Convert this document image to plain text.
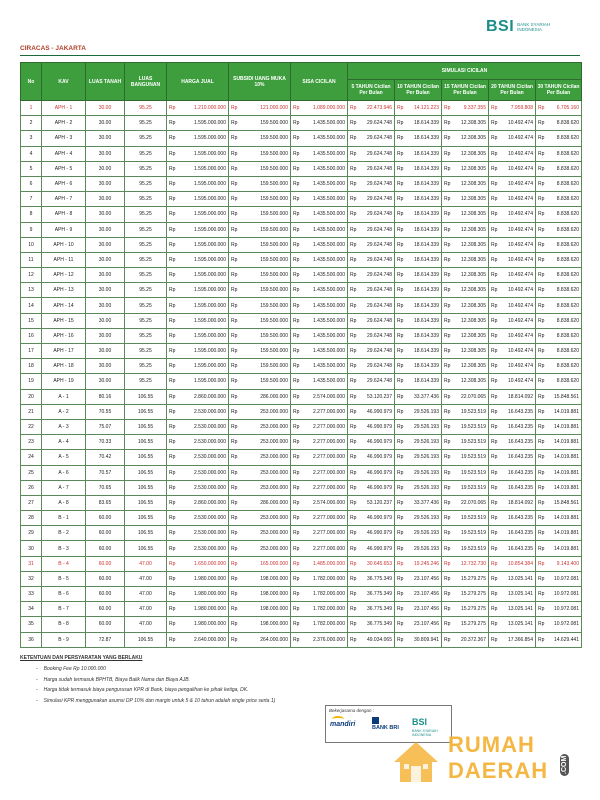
BSI BANK SYARIAH INDONESIA
CIRACAS - JAKARTA
No	KAV	LUAS TANAH	LUAS BANGUNAN	HARGA JUAL	SUBSIDI UANG MUKA 10%	SISA CICILAN	SIMULASI CICILAN				
							5 TAHUN Cicilan Per Bulan	10 TAHUN Cicilan Per Bulan	15 TAHUN Cicilan Per Bulan	20 TAHUN Cicilan Per Bulan	30 TAHUN Cicilan Per Bulan
1	APH - 1	30.00	95.25	Rp 1.210.000.000	Rp 121.000.000	Rp 1.089.000.000	Rp 22.473.946	Rp 14.121.223	Rp 9.337.355	Rp 7.959.808	Rp 6.705.160

2	APH - 2	30.00	95.25	Rp 1.595.000.000	Rp 159.500.000	Rp 1.435.500.000	Rp 29.624.748	Rp 18.614.339	Rp 12.308.305	Rp 10.492.474	Rp 8.838.620

3	APH - 3	30.00	95.25	Rp 1.595.000.000	Rp 159.500.000	Rp 1.435.500.000	Rp 29.624.748	Rp 18.614.339	Rp 12.308.305	Rp 10.492.474	Rp 8.838.620

4	APH - 4	30.00	95.25	Rp 1.595.000.000	Rp 159.500.000	Rp 1.435.500.000	Rp 29.624.748	Rp 18.614.339	Rp 12.308.305	Rp 10.492.474	Rp 8.838.620

5	APH - 5	30.00	95.25	Rp 1.595.000.000	Rp 159.500.000	Rp 1.435.500.000	Rp 29.624.748	Rp 18.614.339	Rp 12.308.305	Rp 10.492.474	Rp 8.838.620

6	APH - 6	30.00	95.25	Rp 1.595.000.000	Rp 159.500.000	Rp 1.435.500.000	Rp 29.624.748	Rp 18.614.339	Rp 12.308.305	Rp 10.492.474	Rp 8.838.620

7	APH - 7	30.00	95.25	Rp 1.595.000.000	Rp 159.500.000	Rp 1.435.500.000	Rp 29.624.748	Rp 18.614.339	Rp 12.308.305	Rp 10.492.474	Rp 8.838.620

8	APH - 8	30.00	95.25	Rp 1.595.000.000	Rp 159.500.000	Rp 1.435.500.000	Rp 29.624.748	Rp 18.614.339	Rp 12.308.305	Rp 10.492.474	Rp 8.838.620

9	APH - 9	30.00	95.25	Rp 1.595.000.000	Rp 159.500.000	Rp 1.435.500.000	Rp 29.624.748	Rp 18.614.339	Rp 12.308.305	Rp 10.492.474	Rp 8.838.620

10	APH - 10	30.00	95.25	Rp 1.595.000.000	Rp 159.500.000	Rp 1.435.500.000	Rp 29.624.748	Rp 18.614.339	Rp 12.308.305	Rp 10.492.474	Rp 8.838.620

11	APH - 11	30.00	95.25	Rp 1.595.000.000	Rp 159.500.000	Rp 1.435.500.000	Rp 29.624.748	Rp 18.614.339	Rp 12.308.305	Rp 10.492.474	Rp 8.838.620

12	APH - 12	30.00	95.25	Rp 1.595.000.000	Rp 159.500.000	Rp 1.435.500.000	Rp 29.624.748	Rp 18.614.339	Rp 12.308.305	Rp 10.492.474	Rp 8.838.620

13	APH - 13	30.00	95.25	Rp 1.595.000.000	Rp 159.500.000	Rp 1.435.500.000	Rp 29.624.748	Rp 18.614.339	Rp 12.308.305	Rp 10.492.474	Rp 8.838.620

14	APH - 14	30.00	95.25	Rp 1.595.000.000	Rp 159.500.000	Rp 1.435.500.000	Rp 29.624.748	Rp 18.614.339	Rp 12.308.305	Rp 10.492.474	Rp 8.838.620

15	APH - 15	30.00	95.25	Rp 1.595.000.000	Rp 159.500.000	Rp 1.435.500.000	Rp 29.624.748	Rp 18.614.339	Rp 12.308.305	Rp 10.492.474	Rp 8.838.620

16	APH - 16	30.00	95.25	Rp 1.595.000.000	Rp 159.500.000	Rp 1.435.500.000	Rp 29.624.748	Rp 18.614.339	Rp 12.308.305	Rp 10.492.474	Rp 8.838.620

17	APH - 17	30.00	95.25	Rp 1.595.000.000	Rp 159.500.000	Rp 1.435.500.000	Rp 29.624.748	Rp 18.614.339	Rp 12.308.305	Rp 10.492.474	Rp 8.838.620

18	APH - 18	30.00	95.25	Rp 1.595.000.000	Rp 159.500.000	Rp 1.435.500.000	Rp 29.624.748	Rp 18.614.339	Rp 12.308.305	Rp 10.492.474	Rp 8.838.620

19	APH - 19	30.00	95.25	Rp 1.595.000.000	Rp 159.500.000	Rp 1.435.500.000	Rp 29.624.748	Rp 18.614.339	Rp 12.308.305	Rp 10.492.474	Rp 8.838.620

20	A - 1	80.16	106.55	Rp 2.860.000.000	Rp 286.000.000	Rp 2.574.000.000	Rp 53.120.237	Rp 33.377.436	Rp 22.070.065	Rp 18.814.092	Rp 15.848.561

21	A - 2	70.55	106.55	Rp 2.530.000.000	Rp 253.000.000	Rp 2.277.000.000	Rp 46.990.979	Rp 29.526.193	Rp 19.523.519	Rp 16.643.235	Rp 14.019.881

22	A - 3	75.07	106.55	Rp 2.530.000.000	Rp 253.000.000	Rp 2.277.000.000	Rp 46.990.979	Rp 29.526.193	Rp 19.523.519	Rp 16.643.235	Rp 14.019.881

23	A - 4	70.33	106.55	Rp 2.530.000.000	Rp 253.000.000	Rp 2.277.000.000	Rp 46.990.979	Rp 29.526.193	Rp 19.523.519	Rp 16.643.235	Rp 14.019.881

24	A - 5	70.42	106.55	Rp 2.530.000.000	Rp 253.000.000	Rp 2.277.000.000	Rp 46.990.979	Rp 29.526.193	Rp 19.523.519	Rp 16.643.235	Rp 14.019.881

25	A - 6	70.57	106.55	Rp 2.530.000.000	Rp 253.000.000	Rp 2.277.000.000	Rp 46.990.979	Rp 29.526.193	Rp 19.523.519	Rp 16.643.235	Rp 14.019.881

26	A - 7	70.65	106.55	Rp 2.530.000.000	Rp 253.000.000	Rp 2.277.000.000	Rp 46.990.979	Rp 29.526.193	Rp 19.523.519	Rp 16.643.235	Rp 14.019.881

27	A - 8	83.65	106.55	Rp 2.860.000.000	Rp 286.000.000	Rp 2.574.000.000	Rp 53.120.237	Rp 33.377.436	Rp 22.070.065	Rp 18.814.092	Rp 15.848.561

28	B - 1	60.00	106.55	Rp 2.530.000.000	Rp 253.000.000	Rp 2.277.000.000	Rp 46.990.979	Rp 29.526.193	Rp 19.523.519	Rp 16.643.235	Rp 14.019.881

29	B - 2	60.00	106.55	Rp 2.530.000.000	Rp 253.000.000	Rp 2.277.000.000	Rp 46.990.979	Rp 29.526.193	Rp 19.523.519	Rp 16.643.235	Rp 14.019.881

30	B - 3	60.00	106.55	Rp 2.530.000.000	Rp 253.000.000	Rp 2.277.000.000	Rp 46.990.979	Rp 29.526.193	Rp 19.523.519	Rp 16.643.235	Rp 14.019.881

31	B - 4	60.00	47.00	Rp 1.650.000.000	Rp 165.000.000	Rp 1.485.000.000	Rp 30.645.653	Rp 19.245.246	Rp 12.732.730	Rp 10.854.384	Rp 9.143.400

32	B - 5	60.00	47.00	Rp 1.980.000.000	Rp 198.000.000	Rp 1.782.000.000	Rp 36.775.349	Rp 23.107.456	Rp 15.279.275	Rp 13.025.141	Rp 10.972.081

33	B - 6	60.00	47.00	Rp 1.980.000.000	Rp 198.000.000	Rp 1.782.000.000	Rp 36.775.349	Rp 23.107.456	Rp 15.279.275	Rp 13.025.141	Rp 10.972.081

34	B - 7	60.00	47.00	Rp 1.980.000.000	Rp 198.000.000	Rp 1.782.000.000	Rp 36.775.349	Rp 23.107.456	Rp 15.279.275	Rp 13.025.141	Rp 10.972.081

35	B - 8	60.00	47.00	Rp 1.980.000.000	Rp 198.000.000	Rp 1.782.000.000	Rp 36.775.349	Rp 23.107.456	Rp 15.279.275	Rp 13.025.141	Rp 10.972.081

36	B - 9	72.87	106.55	Rp 2.640.000.000	Rp 264.000.000	Rp 2.376.000.000	Rp 49.034.065	Rp 30.809.941	Rp 20.372.367	Rp 17.366.854	Rp 14.629.441
KETENTUAN DAN PERSYARATAN YANG BERLAKU
- Booking Fee Rp 10.000.000
- Harga sudah termasuk BPHTB, Biaya Balik Nama dan Biaya AJB.
- Harga tidak termasuk biaya pengurusan KPR di Bank, biaya pengalihan ke pihak ketiga, DK.
- Simulasi KPR menggunakan asumsi DP 10% dan margin untuk 5 & 10 tahun adalah single price serta 1)
Bekerjasama dengan :
mandiri	BANK BRI
BSI
BANK SYARIAH INDONESIA RUMAH
DAERAH .COM
